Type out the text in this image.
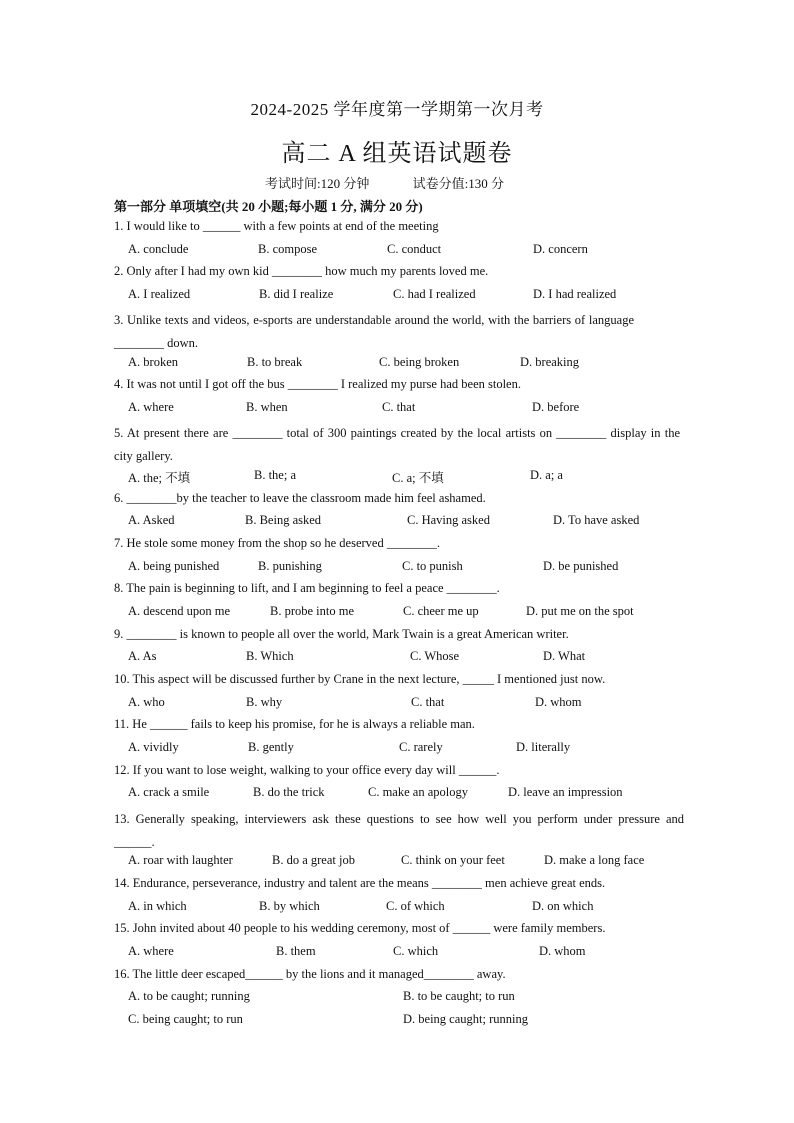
2024-2025 学年度第一学期第一次月考
高二 A 组英语试题卷
考试时间:120 分钟	试卷分值:130 分
第一部分 单项填空(共 20 小题;每小题 1 分, 满分 20 分)
1. I would like to ______ with a few points at end of the meeting
A. conclude	B. compose	C. conduct	D. concern
2. Only after I had my own kid ________ how much my parents loved me.
A. I realized	B. did I realize	C. had I realized	D. I had realized
3. Unlike texts and videos, e-sports are understandable around the world, with the barriers of language ________ down.
A. broken	B. to break	C. being broken	D. breaking
4. It was not until I got off the bus ________ I realized my purse had been stolen.
A. where	B. when	C. that	D. before
5. At present there are ________ total of 300 paintings created by the local artists on ________ display in the city gallery.
A. the; 不填	B. the; a	C. a; 不填	D. a; a
6. ________by the teacher to leave the classroom made him feel ashamed.
A. Asked	B. Being asked	C. Having asked	D. To have asked
7. He stole some money from the shop so he deserved ________.
A. being punished	B. punishing	C. to punish	D. be punished
8. The pain is beginning to lift, and I am beginning to feel a peace ________.
A. descend upon me	B. probe into me	C. cheer me up	D. put me on the spot
9. ________ is known to people all over the world, Mark Twain is a great American writer.
A. As	B. Which	C. Whose	D. What
10. This aspect will be discussed further by Crane in the next lecture, _____ I mentioned just now.
A. who	B. why	C. that	D. whom
11. He ______ fails to keep his promise, for he is always a reliable man.
A. vividly	B. gently	C. rarely	D. literally
12. If you want to lose weight, walking to your office every day will ______.
A. crack a smile	B. do the trick	C. make an apology	D. leave an impression
13. Generally speaking, interviewers ask these questions to see how well you perform under pressure and ______.
A. roar with laughter	B. do a great job	C. think on your feet	D. make a long face
14. Endurance, perseverance, industry and talent are the means ________ men achieve great ends.
A. in which	B. by which	C. of which	D. on which
15. John invited about 40 people to his wedding ceremony, most of ______ were family members.
A. where	B. them	C. which	D. whom
16. The little deer escaped______ by the lions and it managed________ away.
A. to be caught; running	B. to be caught; to run
C. being caught; to run	D. being caught; running
